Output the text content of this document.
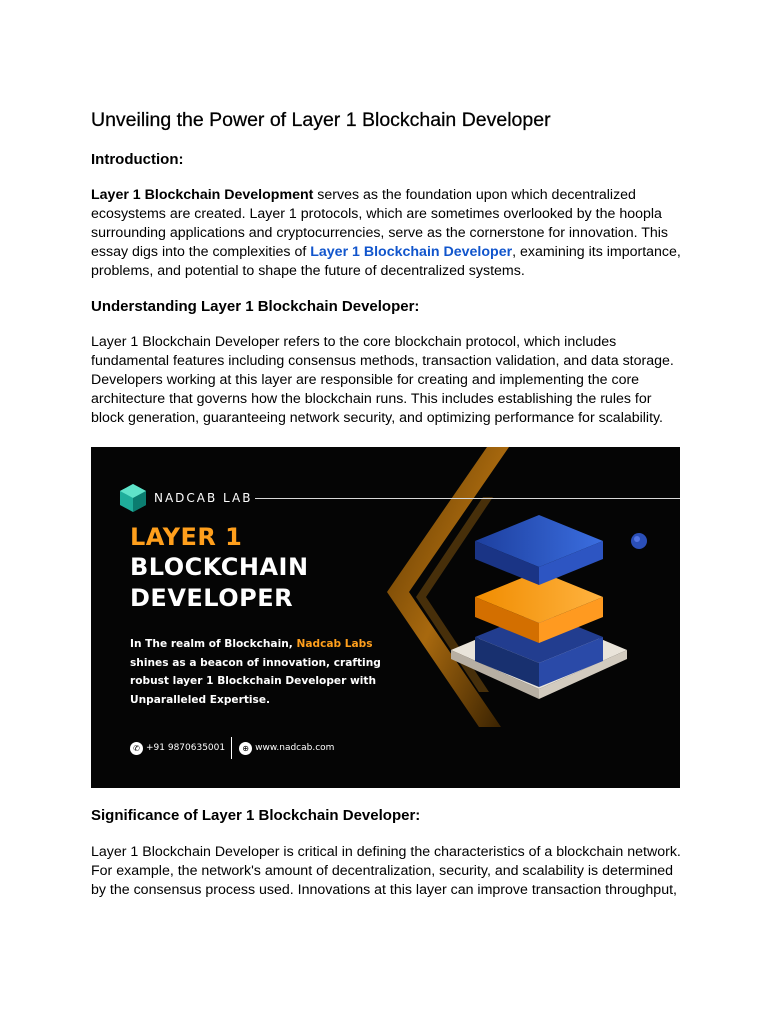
Unveiling the Power of Layer 1 Blockchain Developer
Introduction:

Layer 1 Blockchain Development serves as the foundation upon which decentralized ecosystems are created. Layer 1 protocols, which are sometimes overlooked by the hoopla surrounding applications and cryptocurrencies, serve as the cornerstone for innovation. This essay digs into the complexities of Layer 1 Blockchain Developer, examining its importance, problems, and potential to shape the future of decentralized systems.

Understanding Layer 1 Blockchain Developer:

Layer 1 Blockchain Developer refers to the core blockchain protocol, which includes fundamental features including consensus methods, transaction validation, and data storage. Developers working at this layer are responsible for creating and implementing the core architecture that governs how the blockchain runs. This includes establishing the rules for block generation, guaranteeing network security, and optimizing performance for scalability.

NADCAB LAB
LAYER 1
BLOCKCHAIN
DEVELOPER
In The realm of Blockchain, Nadcab Labs shines as a beacon of innovation, crafting robust layer 1 Blockchain Developer with Unparalleled Expertise.
✆ +91 9870635001	⊕ www.nadcab.com
Significance of Layer 1 Blockchain Developer:

Layer 1 Blockchain Developer is critical in defining the characteristics of a blockchain network. For example, the network's amount of decentralization, security, and scalability is determined by the consensus process used. Innovations at this layer can improve transaction throughput,
